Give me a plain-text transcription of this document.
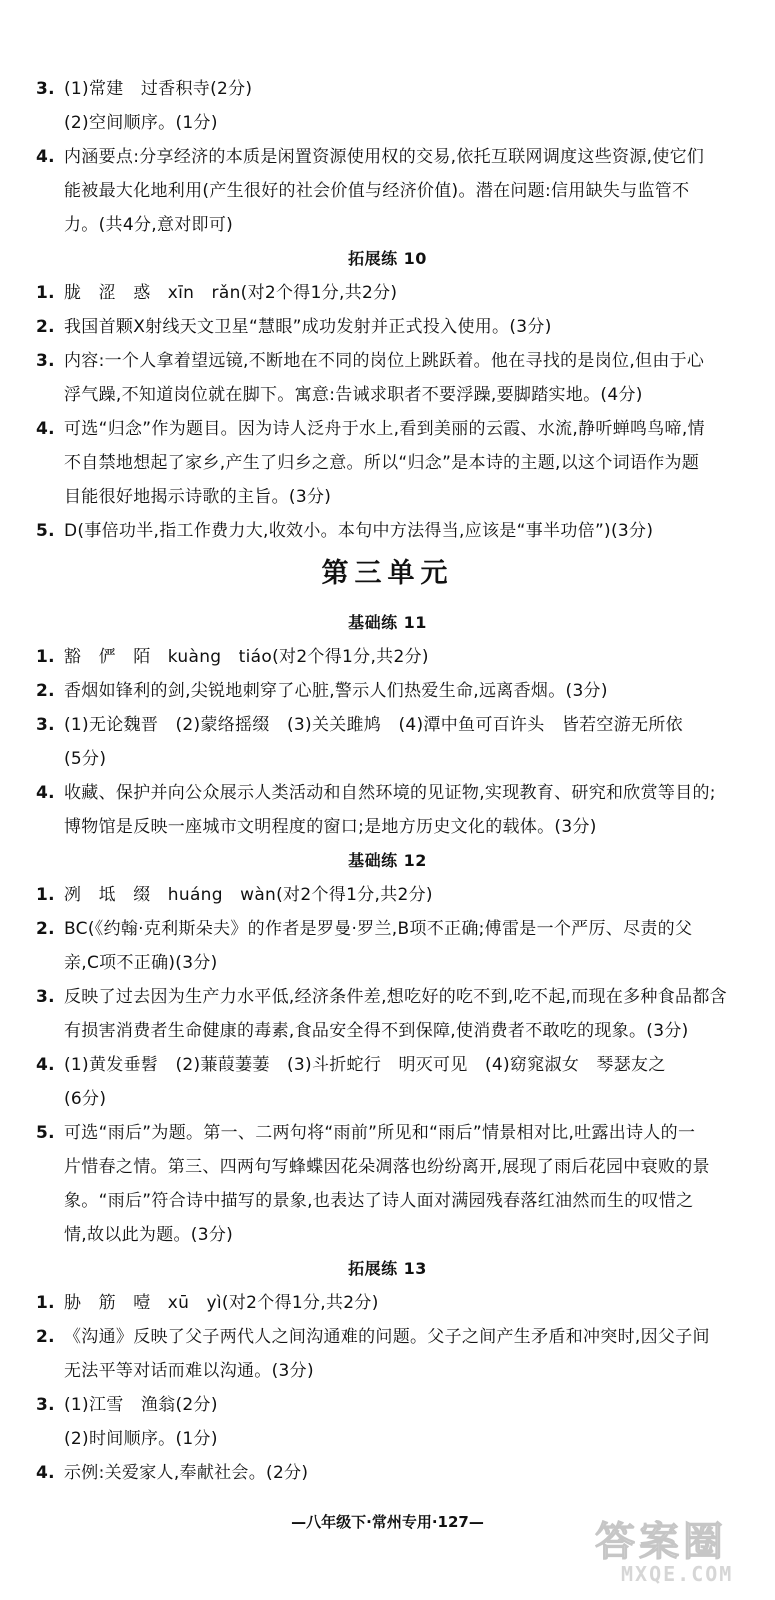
3. (1)常建　过香积寺(2分)
(2)空间顺序。(1分)
4. 内涵要点:分享经济的本质是闲置资源使用权的交易,依托互联网调度这些资源,使它们
能被最大化地利用(产生很好的社会价值与经济价值)。潜在问题:信用缺失与监管不
力。(共4分,意对即可)
拓展练 10
1. 胧　涩　惑　xīn　rǎn(对2个得1分,共2分)
2. 我国首颗X射线天文卫星“慧眼”成功发射并正式投入使用。(3分)
3. 内容:一个人拿着望远镜,不断地在不同的岗位上跳跃着。他在寻找的是岗位,但由于心
浮气躁,不知道岗位就在脚下。寓意:告诫求职者不要浮躁,要脚踏实地。(4分)
4. 可选“归念”作为题目。因为诗人泛舟于水上,看到美丽的云霞、水流,静听蝉鸣鸟啼,情
不自禁地想起了家乡,产生了归乡之意。所以“归念”是本诗的主题,以这个词语作为题
目能很好地揭示诗歌的主旨。(3分)
5. D(事倍功半,指工作费力大,收效小。本句中方法得当,应该是“事半功倍”)(3分)
第三单元
基础练 11
1. 豁　俨　陌　kuàng　tiáo(对2个得1分,共2分)
2. 香烟如锋利的剑,尖锐地刺穿了心脏,警示人们热爱生命,远离香烟。(3分)
3. (1)无论魏晋　(2)蒙络摇缀　(3)关关雎鸠　(4)潭中鱼可百许头　皆若空游无所依
(5分)
4. 收藏、保护并向公众展示人类活动和自然环境的见证物,实现教育、研究和欣赏等目的;
博物馆是反映一座城市文明程度的窗口;是地方历史文化的载体。(3分)
基础练 12
1. 冽　坻　缀　huáng　wàn(对2个得1分,共2分)
2. BC(《约翰·克利斯朵夫》的作者是罗曼·罗兰,B项不正确;傅雷是一个严厉、尽责的父
亲,C项不正确)(3分)
3. 反映了过去因为生产力水平低,经济条件差,想吃好的吃不到,吃不起,而现在多种食品都含
有损害消费者生命健康的毒素,食品安全得不到保障,使消费者不敢吃的现象。(3分)
4. (1)黄发垂髫　(2)蒹葭萋萋　(3)斗折蛇行　明灭可见　(4)窈窕淑女　琴瑟友之
(6分)
5. 可选“雨后”为题。第一、二两句将“雨前”所见和“雨后”情景相对比,吐露出诗人的一
片惜春之情。第三、四两句写蜂蝶因花朵凋落也纷纷离开,展现了雨后花园中衰败的景
象。“雨后”符合诗中描写的景象,也表达了诗人面对满园残春落红油然而生的叹惜之
情,故以此为题。(3分)
拓展练 13
1. 胁　筋　噎　xū　yì(对2个得1分,共2分)
2. 《沟通》反映了父子两代人之间沟通难的问题。父子之间产生矛盾和冲突时,因父子间
无法平等对话而难以沟通。(3分)
3. (1)江雪　渔翁(2分)
(2)时间顺序。(1分)
4. 示例:关爱家人,奉献社会。(2分)
—八年级下·常州专用·127—	答案圈
MXQE.COM
